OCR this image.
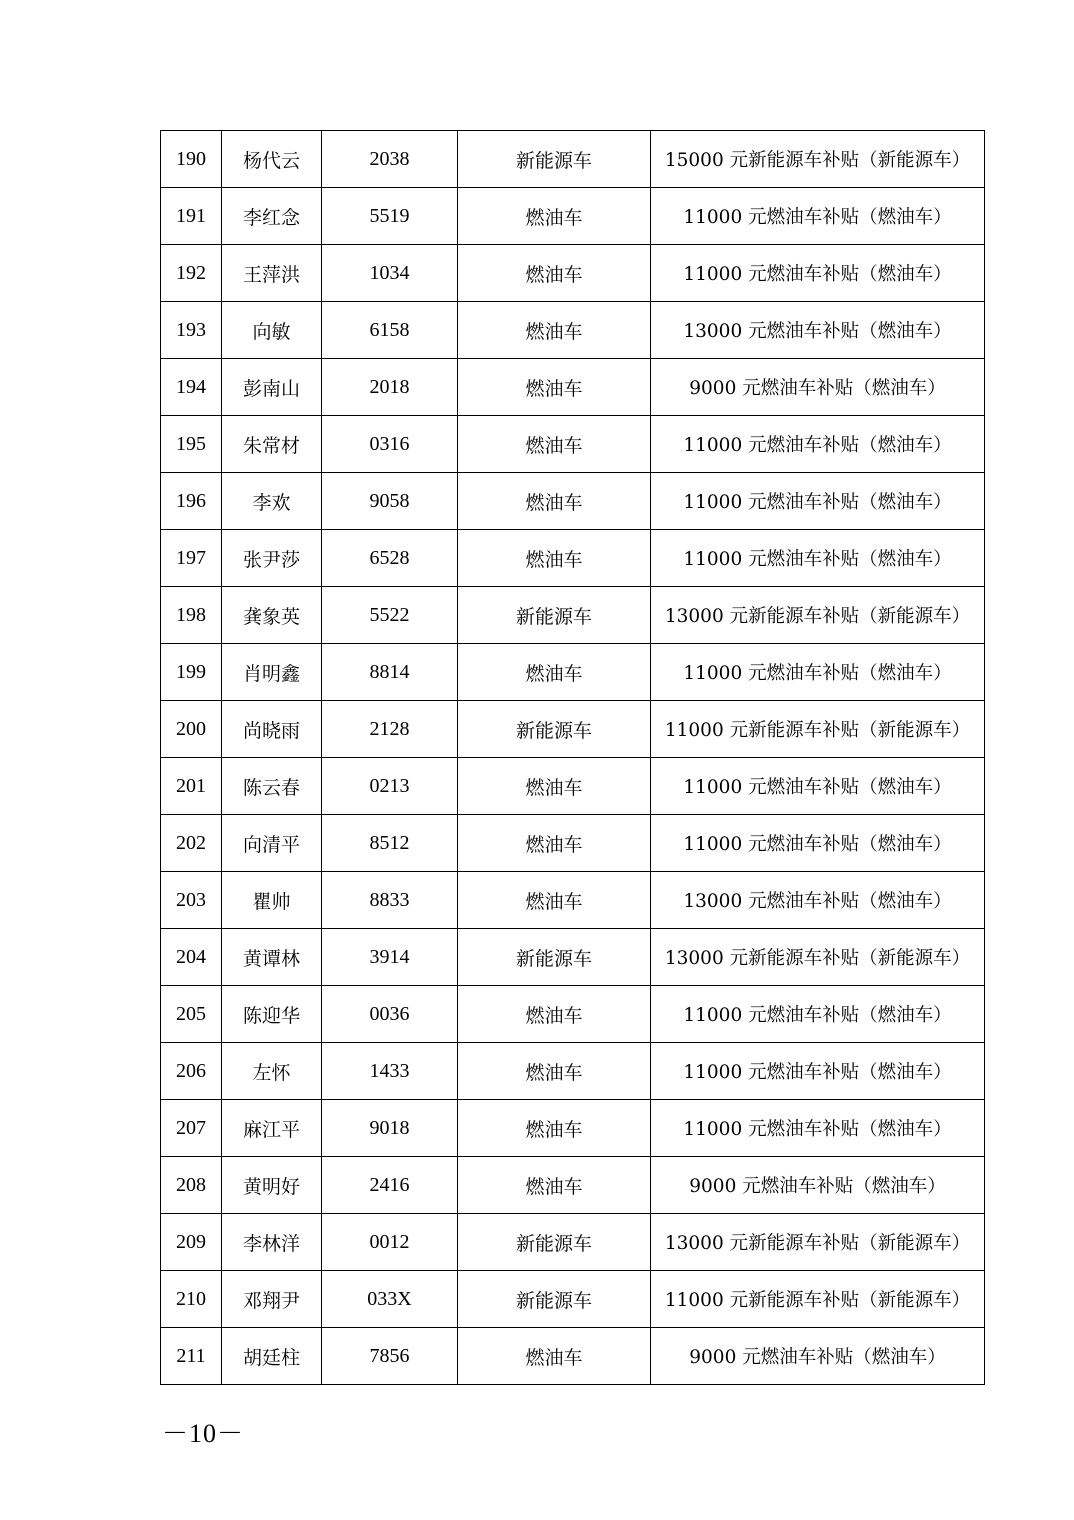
190	杨代云	2038	新能源车	15000 元新能源车补贴（新能源车）
191	李红念	5519	燃油车	11000 元燃油车补贴（燃油车）
192	王萍洪	1034	燃油车	11000 元燃油车补贴（燃油车）
193	向敏	6158	燃油车	13000 元燃油车补贴（燃油车）
194	彭南山	2018	燃油车	9000 元燃油车补贴（燃油车）
195	朱常材	0316	燃油车	11000 元燃油车补贴（燃油车）
196	李欢	9058	燃油车	11000 元燃油车补贴（燃油车）
197	张尹莎	6528	燃油车	11000 元燃油车补贴（燃油车）
198	龚象英	5522	新能源车	13000 元新能源车补贴（新能源车）
199	肖明鑫	8814	燃油车	11000 元燃油车补贴（燃油车）
200	尚晓雨	2128	新能源车	11000 元新能源车补贴（新能源车）
201	陈云春	0213	燃油车	11000 元燃油车补贴（燃油车）
202	向清平	8512	燃油车	11000 元燃油车补贴（燃油车）
203	瞿帅	8833	燃油车	13000 元燃油车补贴（燃油车）
204	黄谭林	3914	新能源车	13000 元新能源车补贴（新能源车）
205	陈迎华	0036	燃油车	11000 元燃油车补贴（燃油车）
206	左怀	1433	燃油车	11000 元燃油车补贴（燃油车）
207	麻江平	9018	燃油车	11000 元燃油车补贴（燃油车）
208	黄明好	2416	燃油车	9000 元燃油车补贴（燃油车）
209	李林洋	0012	新能源车	13000 元新能源车补贴（新能源车）
210	邓翔尹	033X	新能源车	11000 元新能源车补贴（新能源车）
211	胡廷柱	7856	燃油车	9000 元燃油车补贴（燃油车）
－10－
